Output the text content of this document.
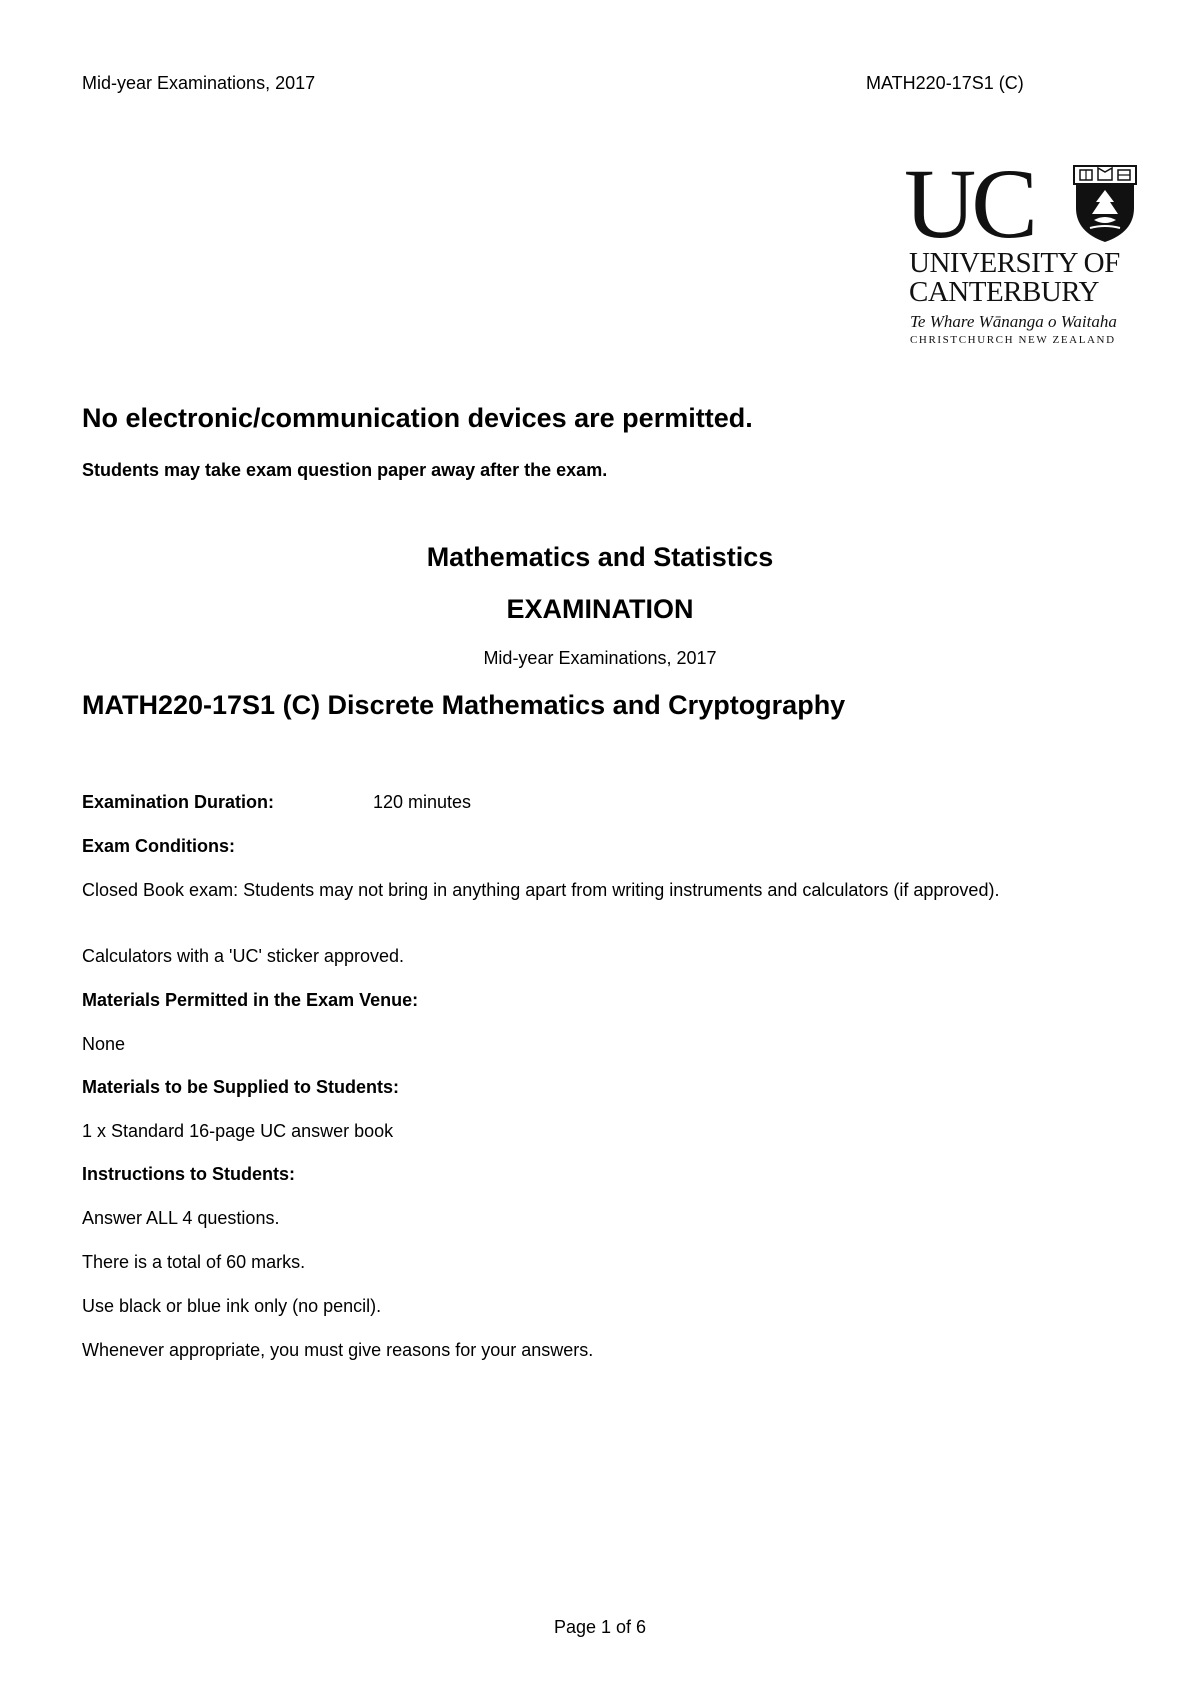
Mid-year Examinations, 2017	MATH220-17S1 (C)

UC
UNIVERSITY OF
CANTERBURY
Te Whare Wānanga o Waitaha
CHRISTCHURCH NEW ZEALAND

No electronic/communication devices are permitted.

Students may take exam question paper away after the exam.

Mathematics and Statistics

EXAMINATION

Mid-year Examinations, 2017

MATH220-17S1 (C) Discrete Mathematics and Cryptography

Examination Duration:	120 minutes

Exam Conditions:

Closed Book exam: Students may not bring in anything apart from writing instruments and calculators (if approved).

Calculators with a 'UC' sticker approved.

Materials Permitted in the Exam Venue:

None

Materials to be Supplied to Students:

1 x Standard 16-page UC answer book

Instructions to Students:

Answer ALL 4 questions.

There is a total of 60 marks.

Use black or blue ink only (no pencil).

Whenever appropriate, you must give reasons for your answers.

Page 1 of 6
